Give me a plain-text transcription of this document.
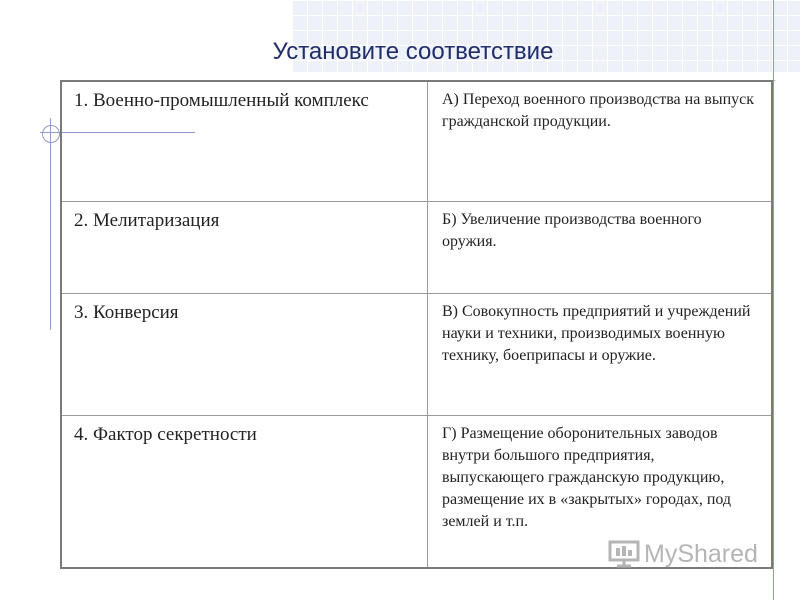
Установите соответствие
1. Военно-промышленный комплекс	А) Переход военного производства на выпуск гражданской продукции.
2. Мелитаризация	Б) Увеличение производства военного оружия.
3. Конверсия	В) Совокупность предприятий и учреждений науки и техники, производимых военную технику, боеприпасы и оружие.
4. Фактор секретности	Г) Размещение оборонительных заводов внутри большого предприятия, выпускающего гражданскую продукцию, размещение их в «закрытых» городах, под землей и т.п.
MyShared
